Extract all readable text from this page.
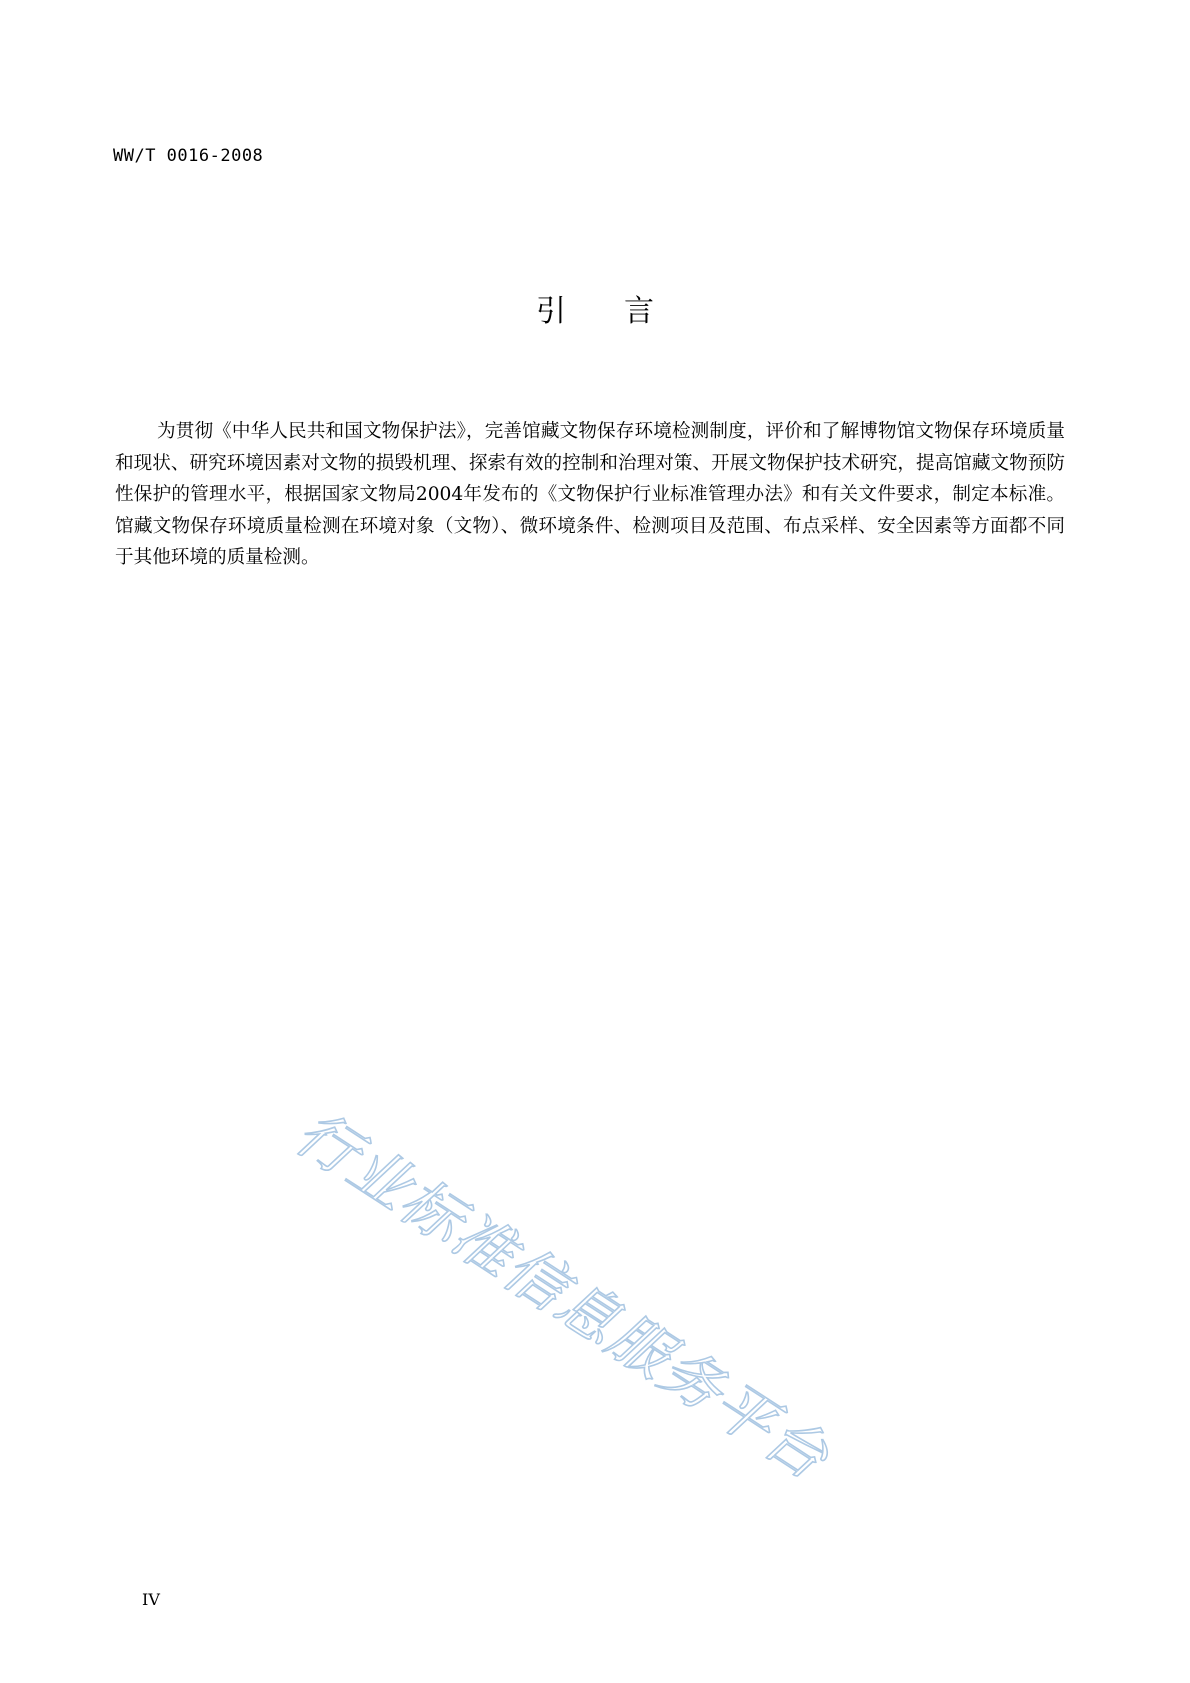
WW/T 0016-2008
引言

为贯彻《中华人民共和国文物保护法》，完善馆藏文物保存环境检测制度，评价和了解博物馆文物保存环境质量和现状、研究环境因素对文物的损毁机理、探索有效的控制和治理对策、开展文物保护技术研究，提高馆藏文物预防性保护的管理水平，根据国家文物局2004年发布的《文物保护行业标准管理办法》和有关文件要求，制定本标准。馆藏文物保存环境质量检测在环境对象（文物）、微环境条件、检测项目及范围、布点采样、安全因素等方面都不同于其他环境的质量检测。

行业标准信息服务平台
IV
